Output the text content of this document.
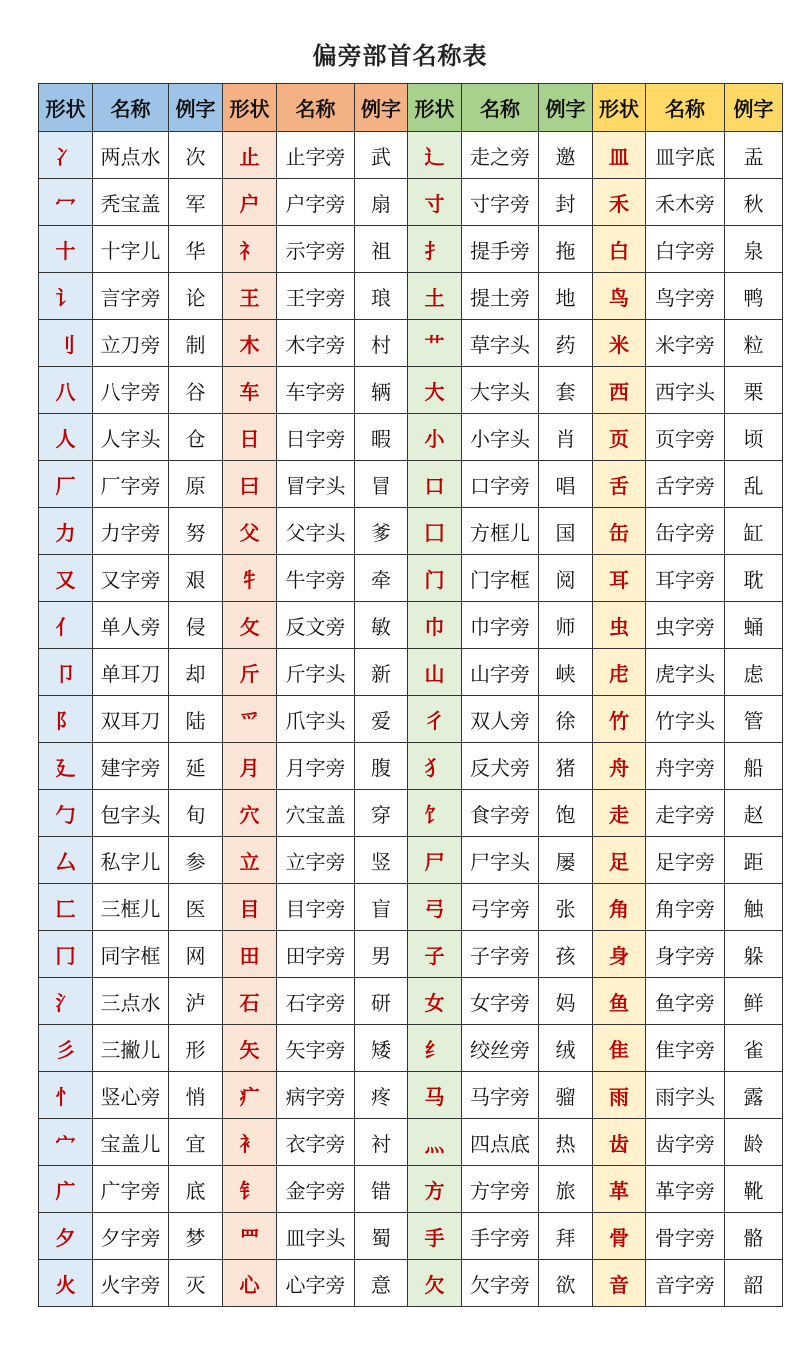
偏旁部首名称表
形状	名称	例字	形状	名称	例字	形状	名称	例字	形状	名称	例字
冫	两点水	次	止	止字旁	武	辶	走之旁	邀	皿	皿字底	盂
冖	秃宝盖	军	户	户字旁	扇	寸	寸字旁	封	禾	禾木旁	秋
十	十字儿	华	礻	示字旁	祖	扌	提手旁	拖	白	白字旁	泉
讠	言字旁	论	王	王字旁	琅	土	提土旁	地	鸟	鸟字旁	鸭
刂	立刀旁	制	木	木字旁	村	艹	草字头	药	米	米字旁	粒
八	八字旁	谷	车	车字旁	辆	大	大字头	套	西	西字头	栗
人	人字头	仓	日	日字旁	暇	小	小字头	肖	页	页字旁	顷
厂	厂字旁	原	曰	冒字头	冒	口	口字旁	唱	舌	舌字旁	乱
力	力字旁	努	父	父字头	爹	囗	方框儿	国	缶	缶字旁	缸
又	又字旁	艰	牜	牛字旁	牵	门	门字框	阅	耳	耳字旁	耽
亻	单人旁	侵	攵	反文旁	敏	巾	巾字旁	师	虫	虫字旁	蛹
卩	单耳刀	却	斤	斤字头	新	山	山字旁	峡	虍	虎字头	虑
阝	双耳刀	陆	爫	爪字头	爱	彳	双人旁	徐	竹	竹字头	管
廴	建字旁	延	月	月字旁	腹	犭	反犬旁	猪	舟	舟字旁	船
勹	包字头	旬	穴	穴宝盖	穿	饣	食字旁	饱	走	走字旁	赵
厶	私字儿	参	立	立字旁	竖	尸	尸字头	屡	足	足字旁	距
匚	三框儿	医	目	目字旁	盲	弓	弓字旁	张	角	角字旁	触
冂	同字框	网	田	田字旁	男	子	子字旁	孩	身	身字旁	躲
氵	三点水	泸	石	石字旁	研	女	女字旁	妈	鱼	鱼字旁	鲜
彡	三撇儿	形	矢	矢字旁	矮	纟	绞丝旁	绒	隹	隹字旁	雀
忄	竖心旁	悄	疒	病字旁	疼	马	马字旁	骝	雨	雨字头	露
宀	宝盖儿	宜	衤	衣字旁	衬	灬	四点底	热	齿	齿字旁	龄
广	广字旁	底	钅	金字旁	错	方	方字旁	旅	革	革字旁	靴
夕	夕字旁	梦	罒	皿字头	蜀	手	手字旁	拜	骨	骨字旁	骼
火	火字旁	灭	心	心字旁	意	欠	欠字旁	欲	音	音字旁	韶
